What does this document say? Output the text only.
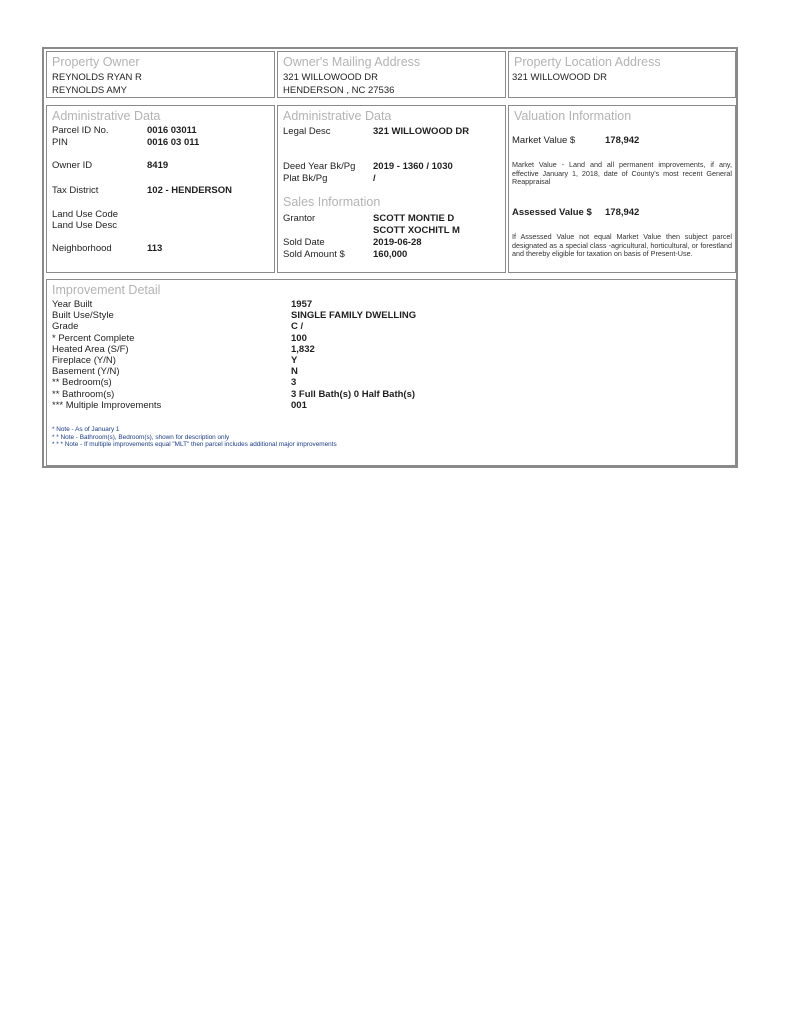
Property Owner
REYNOLDS RYAN R
REYNOLDS AMY
Owner's Mailing Address
321 WILLOWOOD DR
HENDERSON , NC 27536
Property Location Address
321 WILLOWOOD DR
Administrative Data
Parcel ID No.	0016 03011
PIN	0016 03 011
Owner ID	8419
Tax District	102 - HENDERSON
Land Use Code
Land Use Desc
Neighborhood	113
Administrative Data
Legal Desc	321 WILLOWOOD DR
Deed Year Bk/Pg 2019 - 1360 / 1030
Plat Bk/Pg	/
Sales Information
Grantor	SCOTT MONTIE D
SCOTT XOCHITL M
Sold Date	2019-06-28
Sold Amount $	160,000
Valuation Information
Market Value $	178,942
Market Value - Land and all permanent improvements, if any, effective January 1, 2018, date of County's most recent General Reappraisal
Assessed Value $ 178,942
If Assessed Value not equal Market Value then subject parcel designated as a special class -agricultural, horticultural, or forestland and thereby eligible for taxation on basis of Present-Use.
Improvement Detail
Year Built	1957
Built Use/Style	SINGLE FAMILY DWELLING
Grade	C /
* Percent Complete	100
Heated Area (S/F)	1,832
Fireplace (Y/N)	Y
Basement (Y/N)	N
** Bedroom(s)	3
** Bathroom(s)	3 Full Bath(s) 0 Half Bath(s)
*** Multiple Improvements	001
* Note - As of January 1
* * Note - Bathroom(s), Bedroom(s), shown for description only
* * * Note - If multiple improvements equal "MLT" then parcel includes additional major improvements
